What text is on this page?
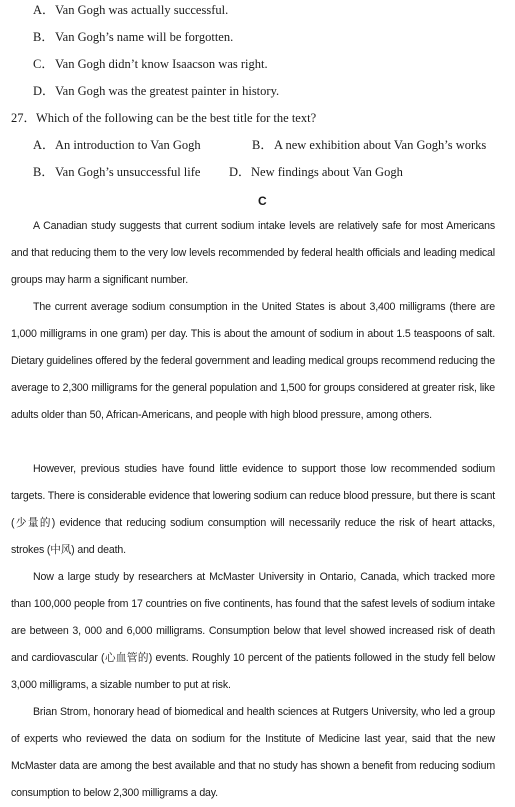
A．Van Gogh was actually successful.
B．Van Gogh’s name will be forgotten.
C．Van Gogh didn’t know Isaacson was right.
D．Van Gogh was the greatest painter in history.
27．Which of the following can be the best title for the text?
A．An introduction to Van Gogh	B．A new exhibition about Van Gogh’s works
B．Van Gogh’s unsuccessful life D．New findings about Van Gogh
C
A Canadian study suggests that current sodium intake levels are relatively safe for most Americans and that reducing them to the very low levels recommended by federal health officials and leading medical groups may harm a significant number.
The current average sodium consumption in the United States is about 3,400 milligrams (there are 1,000 milligrams in one gram) per day. This is about the amount of sodium in about 1.5 teaspoons of salt. Dietary guidelines offered by the federal government and leading medical groups recommend reducing the average to 2,300 milligrams for the general population and 1,500 for groups considered at greater risk, like adults older than 50, African-Americans, and people with high blood pressure, among others.
However, previous studies have found little evidence to support those low recommended sodium targets. There is considerable evidence that lowering sodium can reduce blood pressure, but there is scant (少量的) evidence that reducing sodium consumption will necessarily reduce the risk of heart attacks, strokes (中风) and death.
Now a large study by researchers at McMaster University in Ontario, Canada, which tracked more than 100,000 people from 17 countries on five continents, has found that the safest levels of sodium intake are between 3, 000 and 6,000 milligrams. Consumption below that level showed increased risk of death and cardiovascular (心血管的) events. Roughly 10 percent of the patients followed in the study fell below 3,000 milligrams, a sizable number to put at risk.
Brian Strom, honorary head of biomedical and health sciences at Rutgers University, who led a group of experts who reviewed the data on sodium for the Institute of Medicine last year, said that the new McMaster data are among the best available and that no study has shown a benefit from reducing sodium consumption to below 2,300 milligrams a day.
